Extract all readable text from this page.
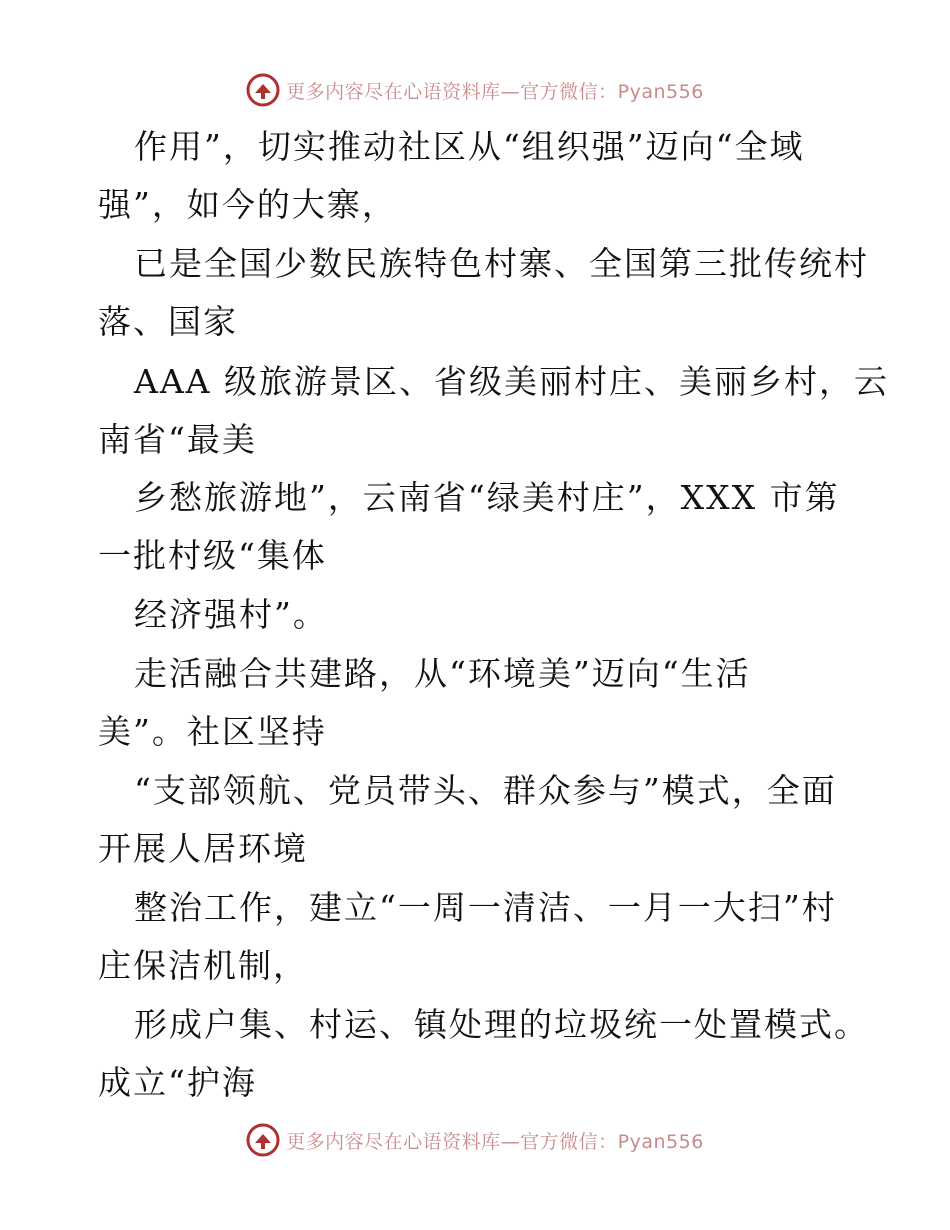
更多内容尽在心语资料库—官方微信：Pyan556
作用”，切实推动社区从“组织强”迈向“全域
强”，如今的大寨，
已是全国少数民族特色村寨、全国第三批传统村
落、国家
AAA 级旅游景区、省级美丽村庄、美丽乡村，云
南省“最美
乡愁旅游地”，云南省“绿美村庄”，XXX 市第
一批村级“集体
经济强村”。
走活融合共建路，从“环境美”迈向“生活
美”。社区坚持
“支部领航、党员带头、群众参与”模式，全面
开展人居环境
整治工作，建立“一周一清洁、一月一大扫”村
庄保洁机制，
形成户集、村运、镇处理的垃圾统一处置模式。
成立“护海
更多内容尽在心语资料库—官方微信：Pyan556
